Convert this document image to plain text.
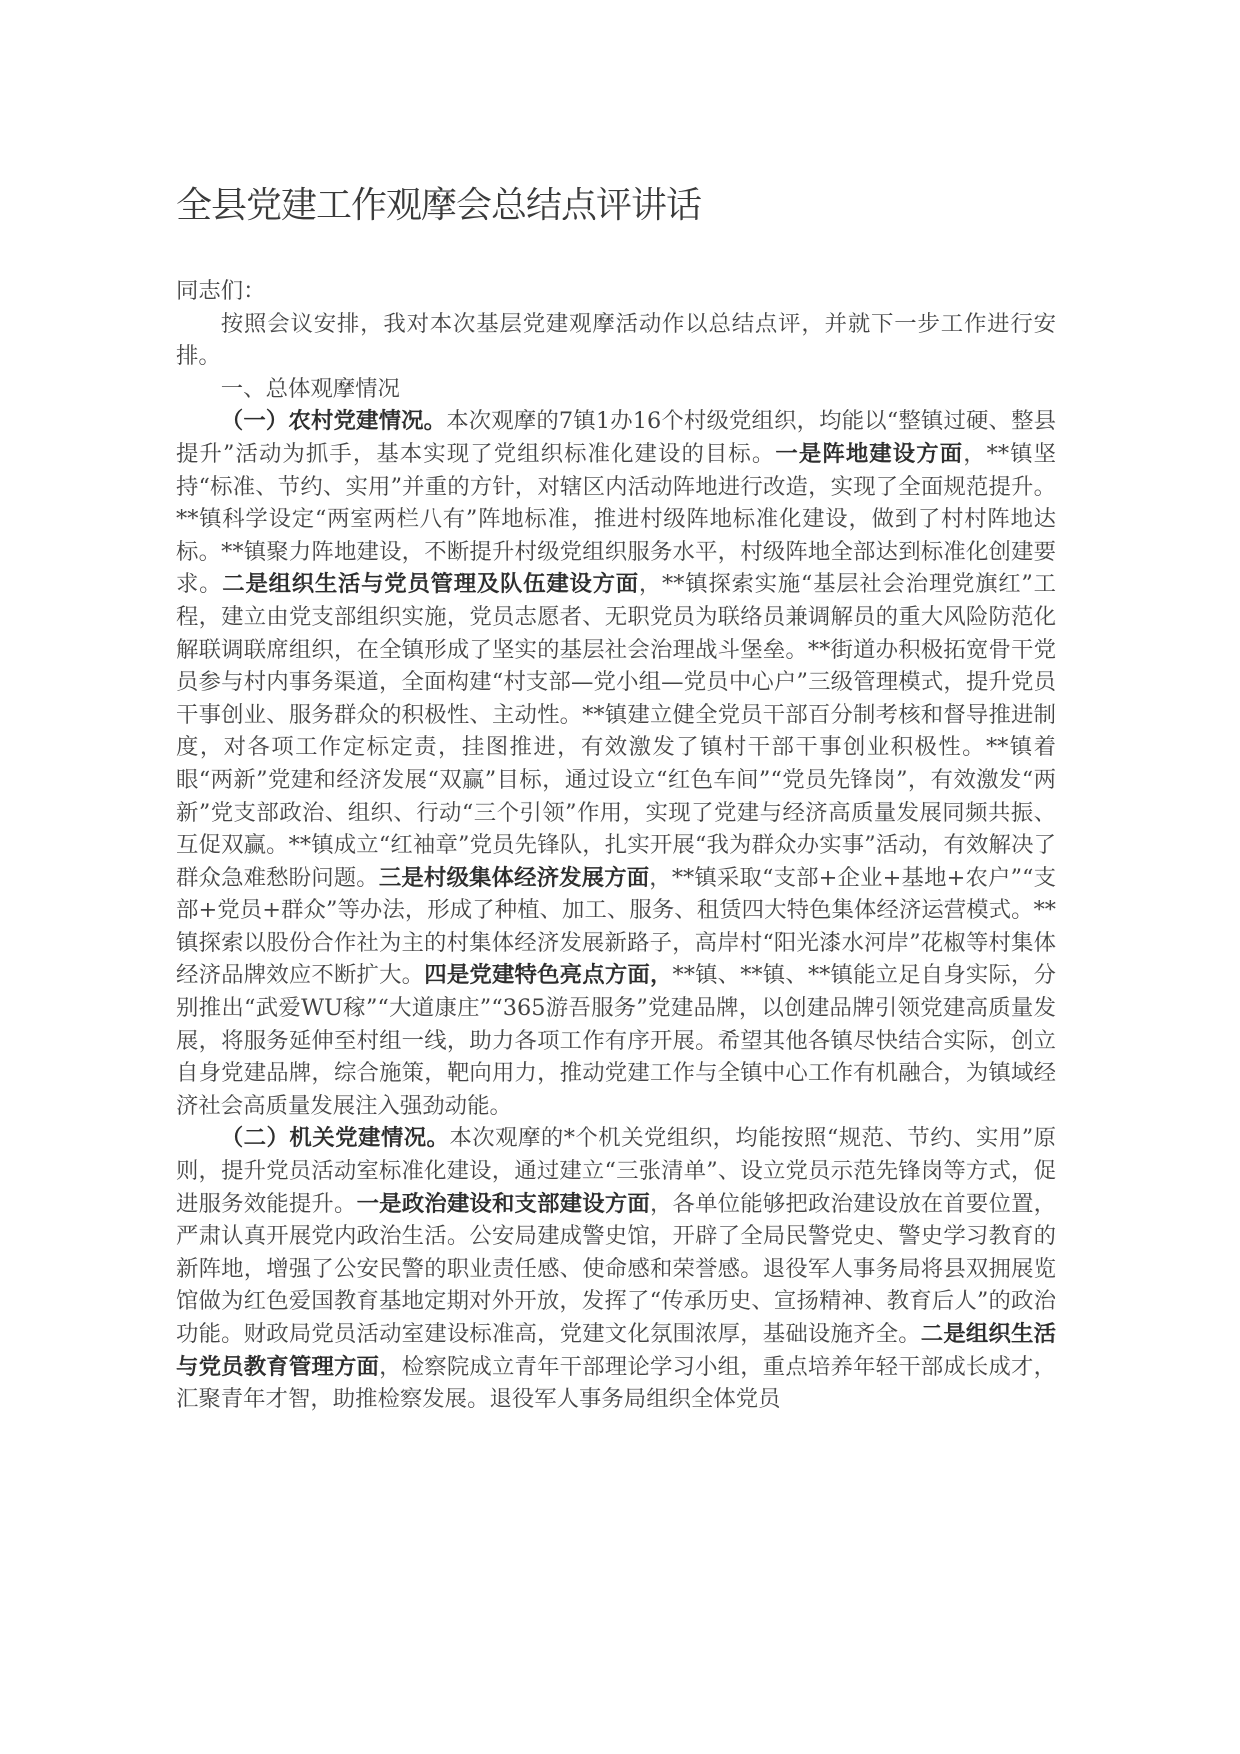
全县党建工作观摩会总结点评讲话

同志们：

按照会议安排，我对本次基层党建观摩活动作以总结点评，并就下一步工作进行安排。

一、总体观摩情况

（一）农村党建情况。本次观摩的7镇1办16个村级党组织，均能以“整镇过硬、整县提升”活动为抓手，基本实现了党组织标准化建设的目标。一是阵地建设方面，**镇坚持“标准、节约、实用”并重的方针，对辖区内活动阵地进行改造，实现了全面规范提升。**镇科学设定“两室两栏八有”阵地标准，推进村级阵地标准化建设，做到了村村阵地达标。**镇聚力阵地建设，不断提升村级党组织服务水平，村级阵地全部达到标准化创建要求。二是组织生活与党员管理及队伍建设方面，**镇探索实施“基层社会治理党旗红”工程，建立由党支部组织实施，党员志愿者、无职党员为联络员兼调解员的重大风险防范化解联调联席组织，在全镇形成了坚实的基层社会治理战斗堡垒。**街道办积极拓宽骨干党员参与村内事务渠道，全面构建“村支部—党小组—党员中心户”三级管理模式，提升党员干事创业、服务群众的积极性、主动性。**镇建立健全党员干部百分制考核和督导推进制度，对各项工作定标定责，挂图推进，有效激发了镇村干部干事创业积极性。**镇着眼“两新”党建和经济发展“双赢”目标，通过设立“红色车间”“党员先锋岗”，有效激发“两新”党支部政治、组织、行动“三个引领”作用，实现了党建与经济高质量发展同频共振、互促双赢。**镇成立“红袖章”党员先锋队，扎实开展“我为群众办实事”活动，有效解决了群众急难愁盼问题。三是村级集体经济发展方面，**镇采取“支部+企业+基地+农户”“支部+党员+群众”等办法，形成了种植、加工、服务、租赁四大特色集体经济运营模式。**镇探索以股份合作社为主的村集体经济发展新路子，高岸村“阳光漆水河岸”花椒等村集体经济品牌效应不断扩大。四是党建特色亮点方面，**镇、**镇、**镇能立足自身实际，分别推出“武爱WU稼”“大道康庄”“365游吾服务”党建品牌，以创建品牌引领党建高质量发展，将服务延伸至村组一线，助力各项工作有序开展。希望其他各镇尽快结合实际，创立自身党建品牌，综合施策，靶向用力，推动党建工作与全镇中心工作有机融合，为镇域经济社会高质量发展注入强劲动能。

（二）机关党建情况。本次观摩的*个机关党组织，均能按照“规范、节约、实用”原则，提升党员活动室标准化建设，通过建立“三张清单”、设立党员示范先锋岗等方式，促进服务效能提升。一是政治建设和支部建设方面，各单位能够把政治建设放在首要位置，严肃认真开展党内政治生活。公安局建成警史馆，开辟了全局民警党史、警史学习教育的新阵地，增强了公安民警的职业责任感、使命感和荣誉感。退役军人事务局将县双拥展览馆做为红色爱国教育基地定期对外开放，发挥了“传承历史、宣扬精神、教育后人”的政治功能。财政局党员活动室建设标准高，党建文化氛围浓厚，基础设施齐全。二是组织生活与党员教育管理方面，检察院成立青年干部理论学习小组，重点培养年轻干部成长成才，汇聚青年才智，助推检察发展。退役军人事务局组织全体党员
